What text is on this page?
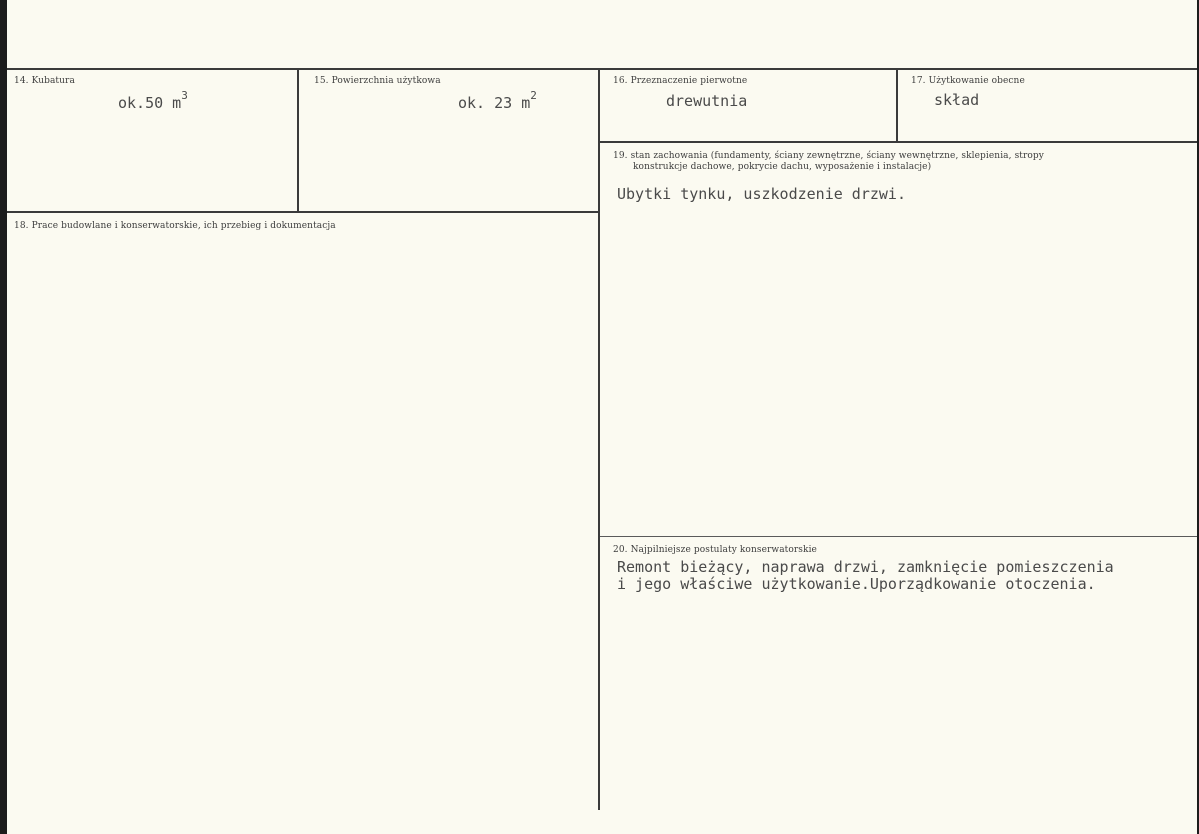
14. Kubatura
ok.50 $m^3$
15. Powierzchnia użytkowa
ok. 23 $m^2$
16. Przeznaczenie pierwotne
drewutnia
17. Użytkowanie obecne
skład
19. stan zachowania (fundamenty, ściany zewnętrzne, ściany wewnętrzne, sklepienia, stropy
konstrukcje dachowe, pokrycie dachu, wyposażenie i instalacje)
Ubytki tynku, uszkodzenie drzwi.
18. Prace budowlane i konserwatorskie, ich przebieg i dokumentacja
20. Najpilniejsze postulaty konserwatorskie
Remont bieżący, naprawa drzwi, zamknięcie pomieszczenia
i jego właściwe użytkowanie.Uporządkowanie otoczenia.
